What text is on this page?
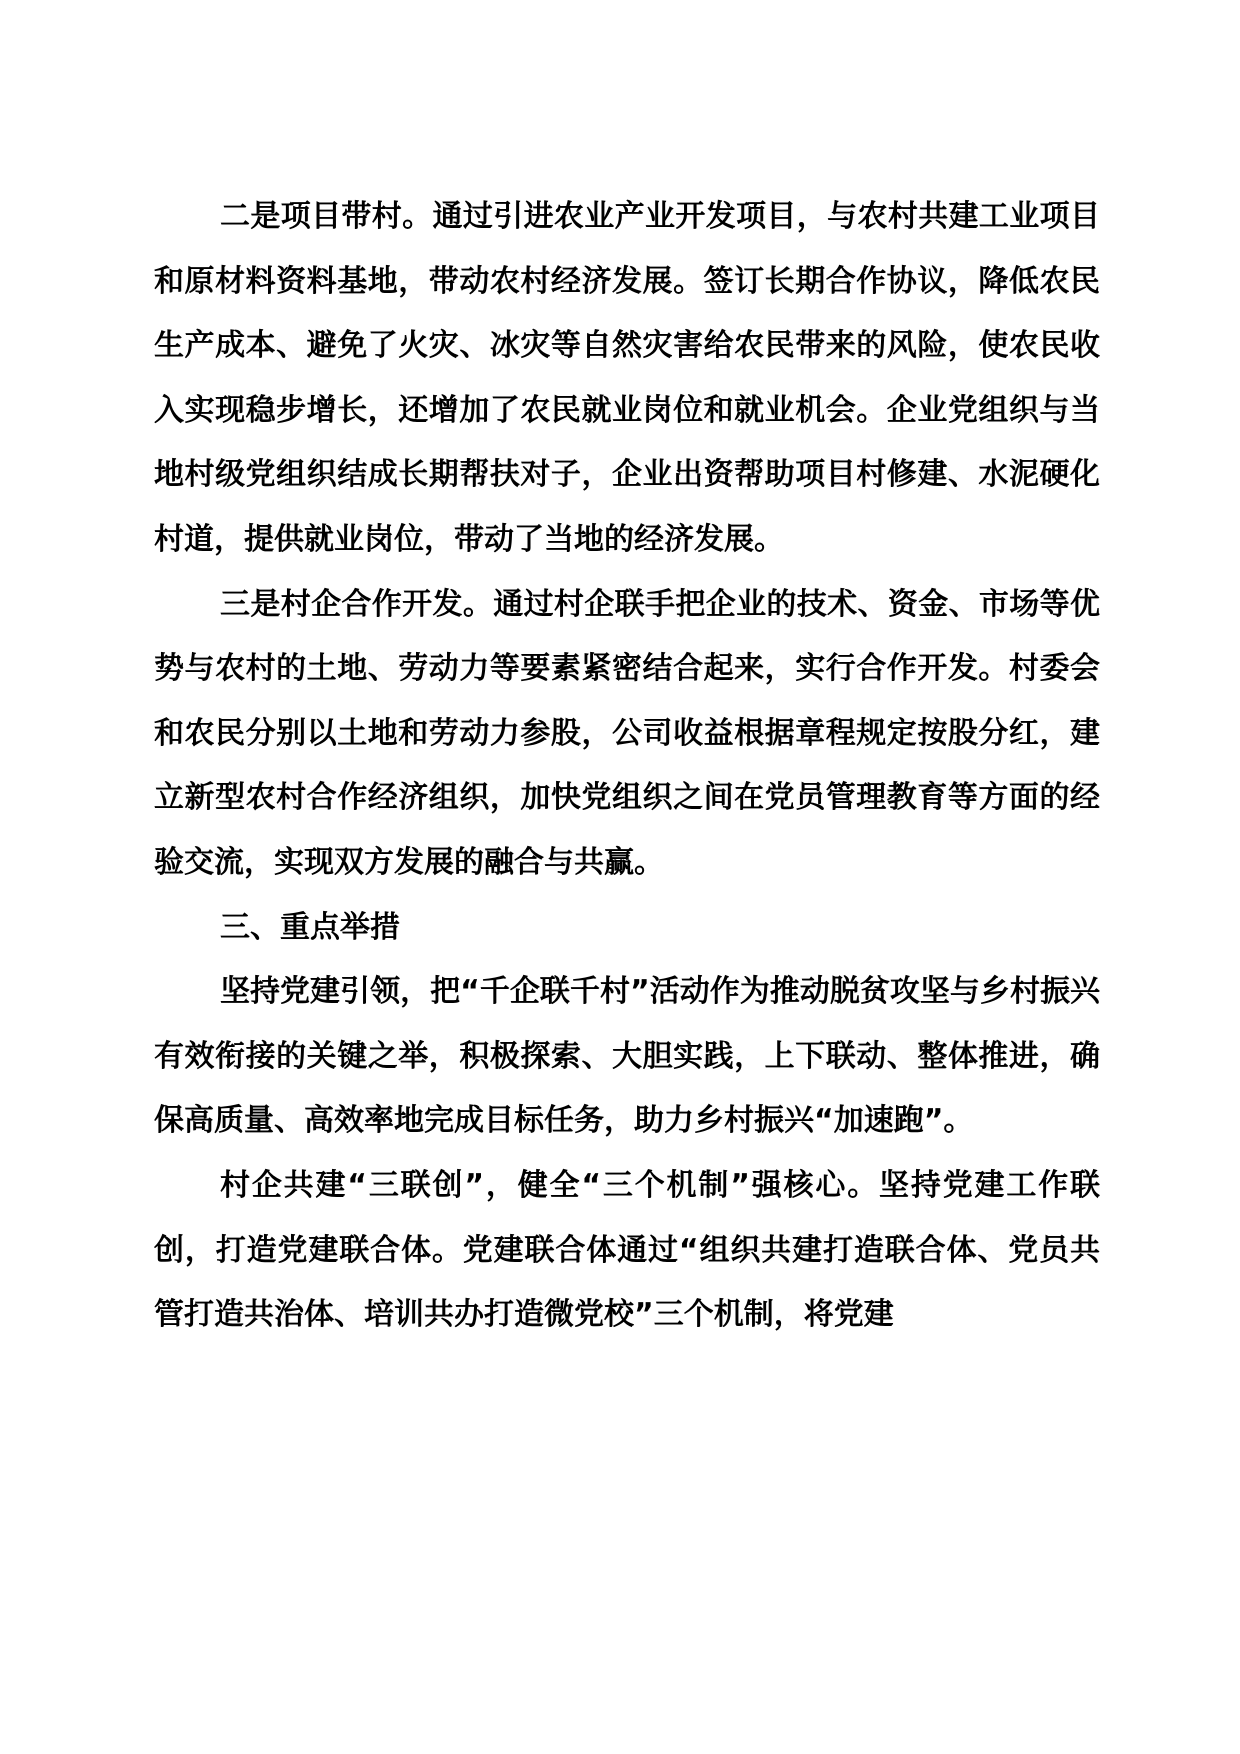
二是项目带村。通过引进农业产业开发项目，与农村共建工业项目和原材料资料基地，带动农村经济发展。签订长期合作协议，降低农民生产成本、避免了火灾、冰灾等自然灾害给农民带来的风险，使农民收入实现稳步增长，还增加了农民就业岗位和就业机会。企业党组织与当地村级党组织结成长期帮扶对子，企业出资帮助项目村修建、水泥硬化村道，提供就业岗位，带动了当地的经济发展。

三是村企合作开发。通过村企联手把企业的技术、资金、市场等优势与农村的土地、劳动力等要素紧密结合起来，实行合作开发。村委会和农民分别以土地和劳动力参股，公司收益根据章程规定按股分红，建立新型农村合作经济组织，加快党组织之间在党员管理教育等方面的经验交流，实现双方发展的融合与共赢。

三、重点举措

坚持党建引领，把“千企联千村”活动作为推动脱贫攻坚与乡村振兴有效衔接的关键之举，积极探索、大胆实践，上下联动、整体推进，确保高质量、高效率地完成目标任务，助力乡村振兴“加速跑”。

村企共建“三联创”，健全“三个机制”强核心。坚持党建工作联创，打造党建联合体。党建联合体通过“组织共建打造联合体、党员共管打造共治体、培训共办打造微党校”三个机制，将党建
